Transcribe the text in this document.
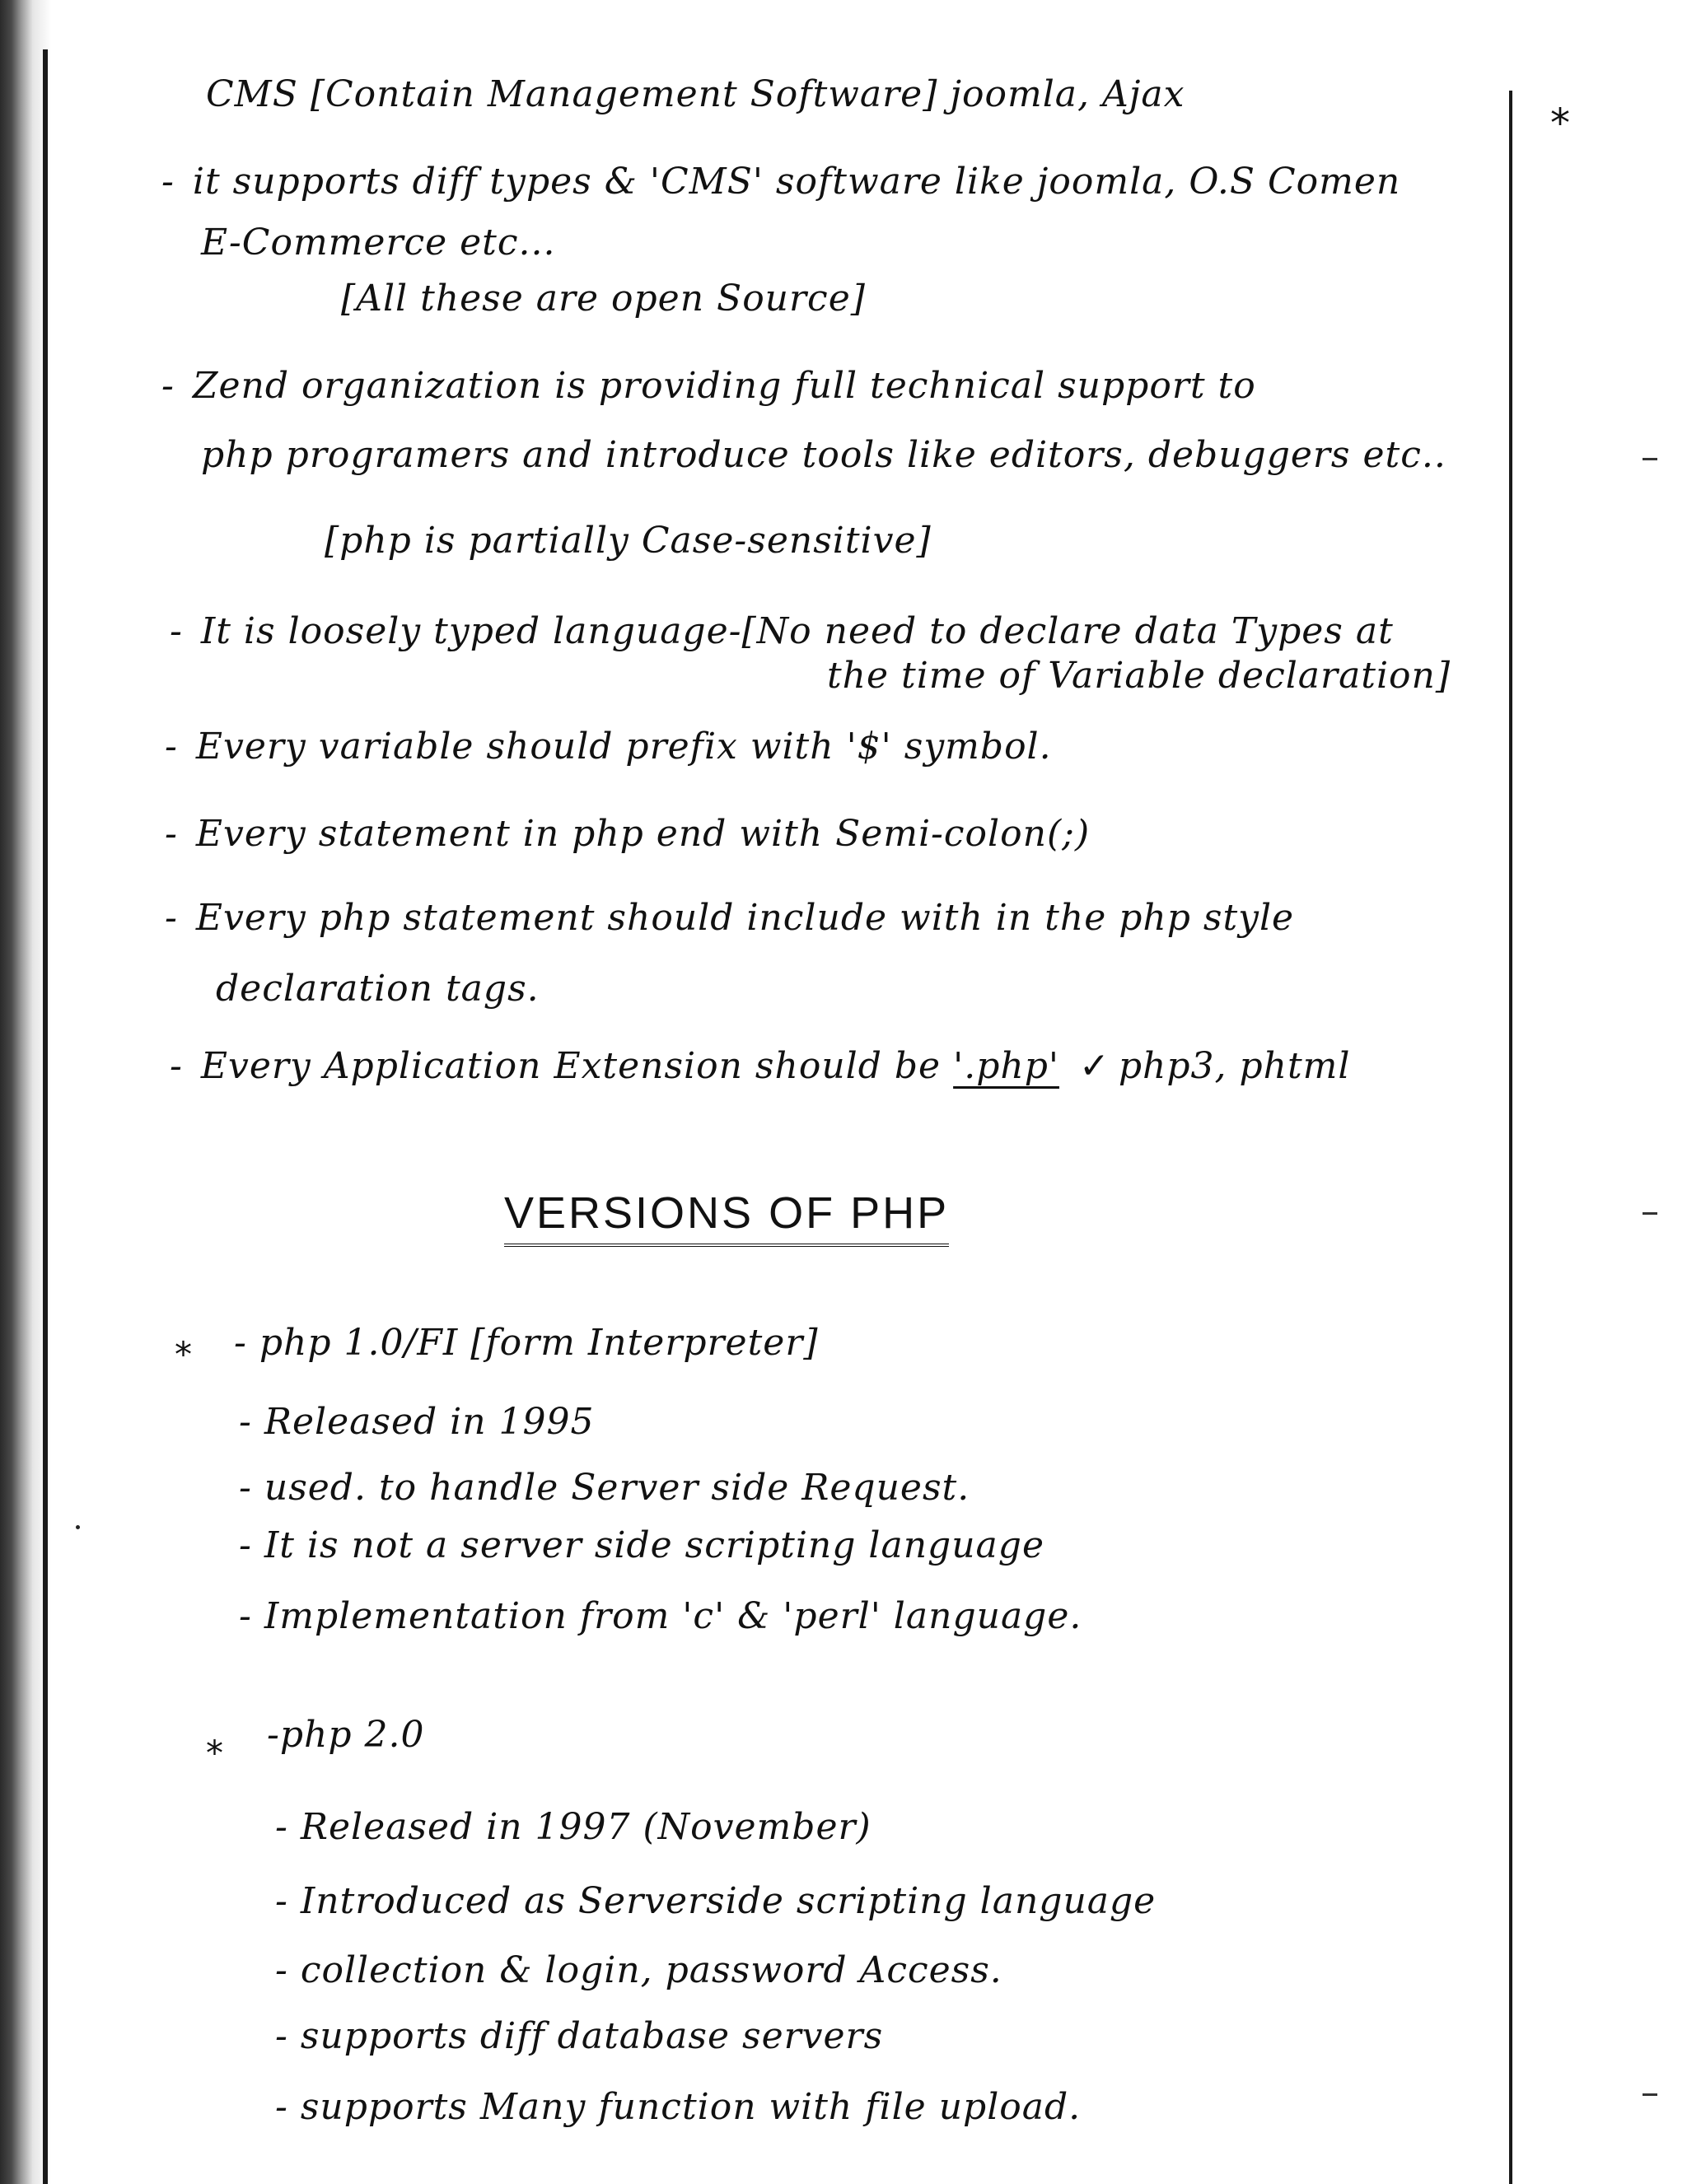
*
CMS [Contain Management Software] joomla, Ajax
- it supports diff types & 'CMS' software like joomla, O.S Comen
E-Commerce etc...
[All these are open Source]
- Zend organization is providing full technical support to
php programers and introduce tools like editors, debuggers etc..
[php is partially Case-sensitive]
- It is loosely typed language-[No need to declare data Types at
the time of Variable declaration]
- Every variable should prefix with '$' symbol.
- Every statement in php end with Semi-colon(;)
- Every php statement should include with in the php style
declaration tags.
- Every Application Extension should be '.php' ✓ php3, phtml
VERSIONS OF PHP
* - php 1.0/FI [form Interpreter]
- Released in 1995
- used. to handle Server side Request.
- It is not a server side scripting language
- Implementation from 'c' & 'perl' language.
* -php 2.0
- Released in 1997 (November)
- Introduced as Serverside scripting language
- collection & login, password Access.
- supports diff database servers
- supports Many function with file upload.
